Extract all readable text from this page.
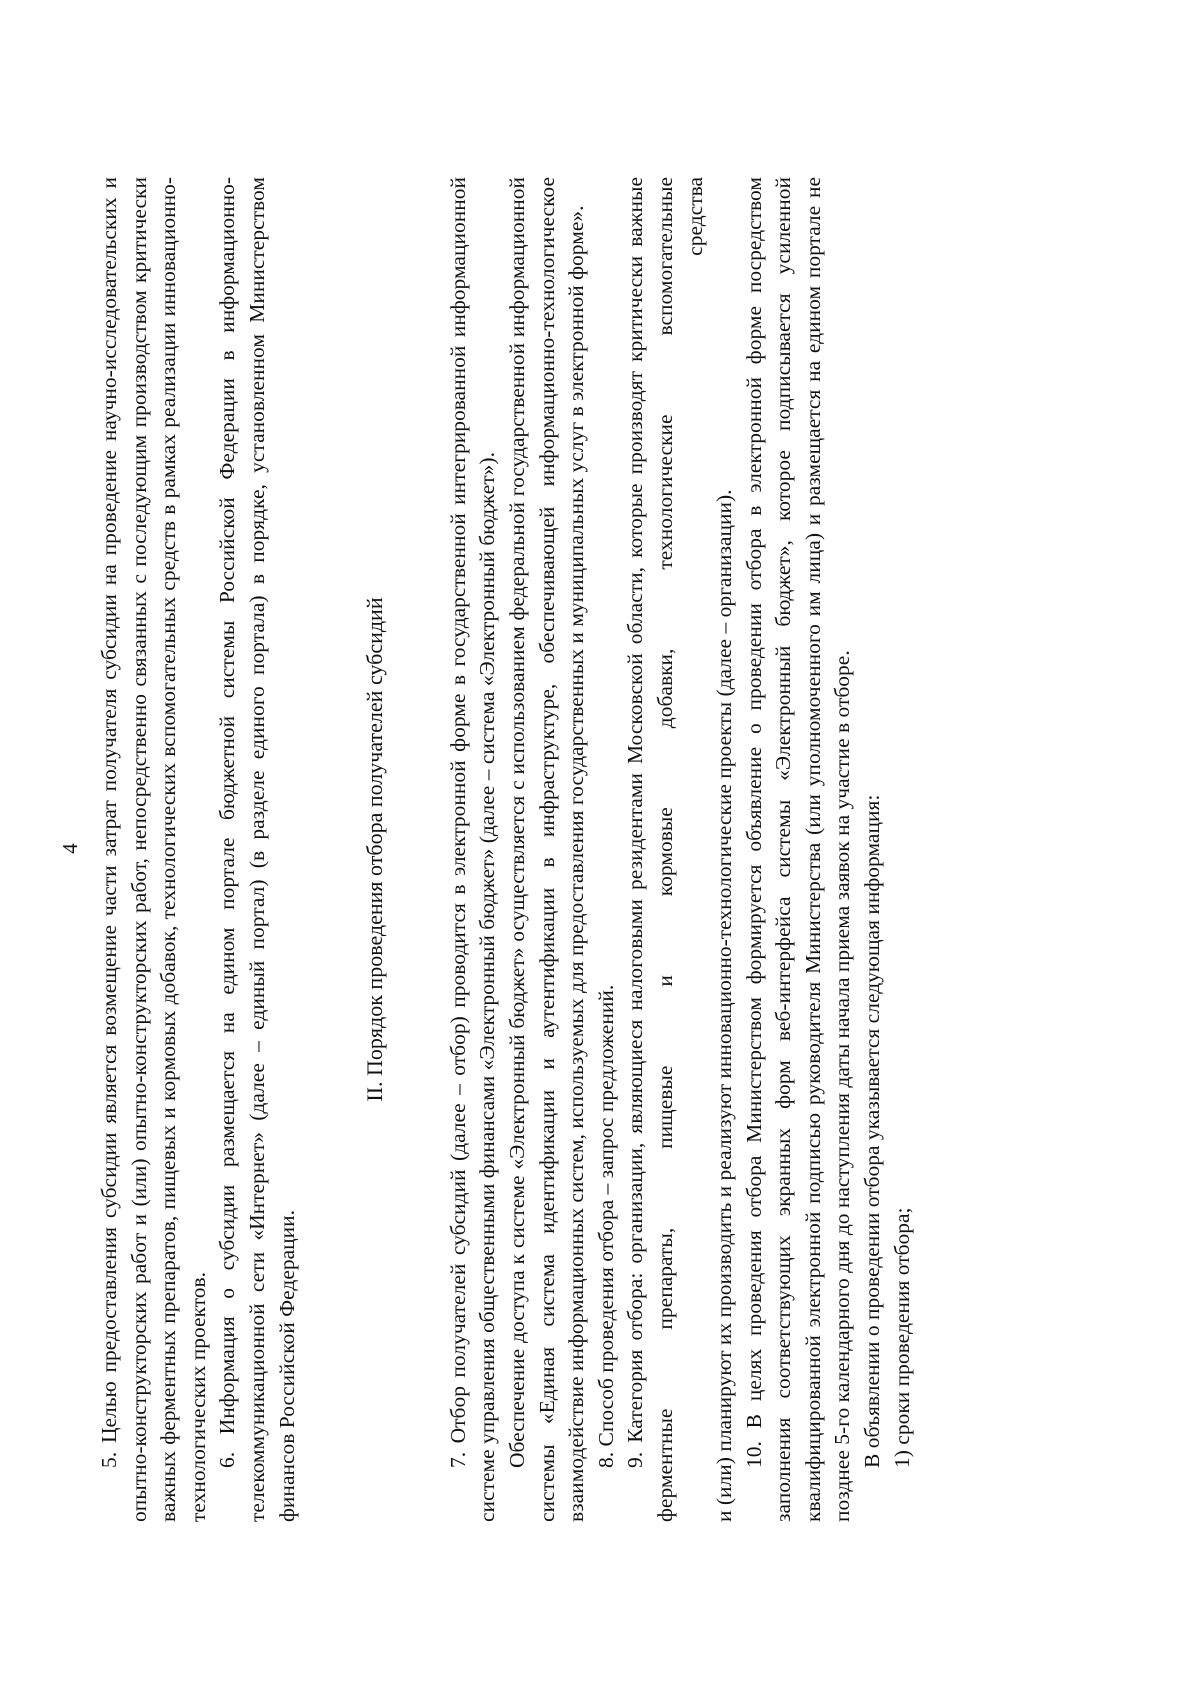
4 5. Целью предоставления субсидии является возмещение части затрат получателя субсидии на проведение научно-исследовательских и опытно-конструкторских работ и (или) опытно-конструкторских работ, непосредственно связанных с последующим производством критически важных ферментных препаратов, пищевых и кормовых добавок, технологических вспомогательных средств в рамках реализации инновационно-технологических проектов. 6. Информация о субсидии размещается на едином портале бюджетной системы Российской Федерации в информационно-телекоммуникационной сети «Интернет» (далее – единый портал) (в разделе единого портала) в порядке, установленном Министерством финансов Российской Федерации.

II. Порядок проведения отбора получателей субсидий	7. Отбор получателей субсидий (далее – отбор) проводится в электронной форме в государственной интегрированной информационной системе управления общественными финансами «Электронный бюджет» (далее – система «Электронный бюджет»). Обеспечение доступа к системе «Электронный бюджет» осуществляется с использованием федеральной государственной информационной системы «Единая система идентификации и аутентификации в инфраструктуре, обеспечивающей информационно-технологическое взаимодействие информационных систем, используемых для предоставления государственных и муниципальных услуг в электронной форме». 8. Способ проведения отбора – запрос предложений. 9. Категория отбора: организации, являющиеся налоговыми резидентами Московской области, которые производят критически важные ферментные препараты, пищевые и кормовые добавки, технологические вспомогательные средства

и (или) планируют их производить и реализуют инновационно-технологические проекты (далее – организации). 10. В целях проведения отбора Министерством формируется объявление о проведении отбора в электронной форме посредством заполнения соответствующих экранных форм веб-интерфейса системы «Электронный бюджет», которое подписывается усиленной квалифицированной электронной подписью руководителя Министерства (или уполномоченного им лица) и размещается на едином портале не позднее 5-го календарного дня до наступления даты начала приема заявок на участие в отборе. В объявлении о проведении отбора указывается следующая информация: 1) сроки проведения отбора;
